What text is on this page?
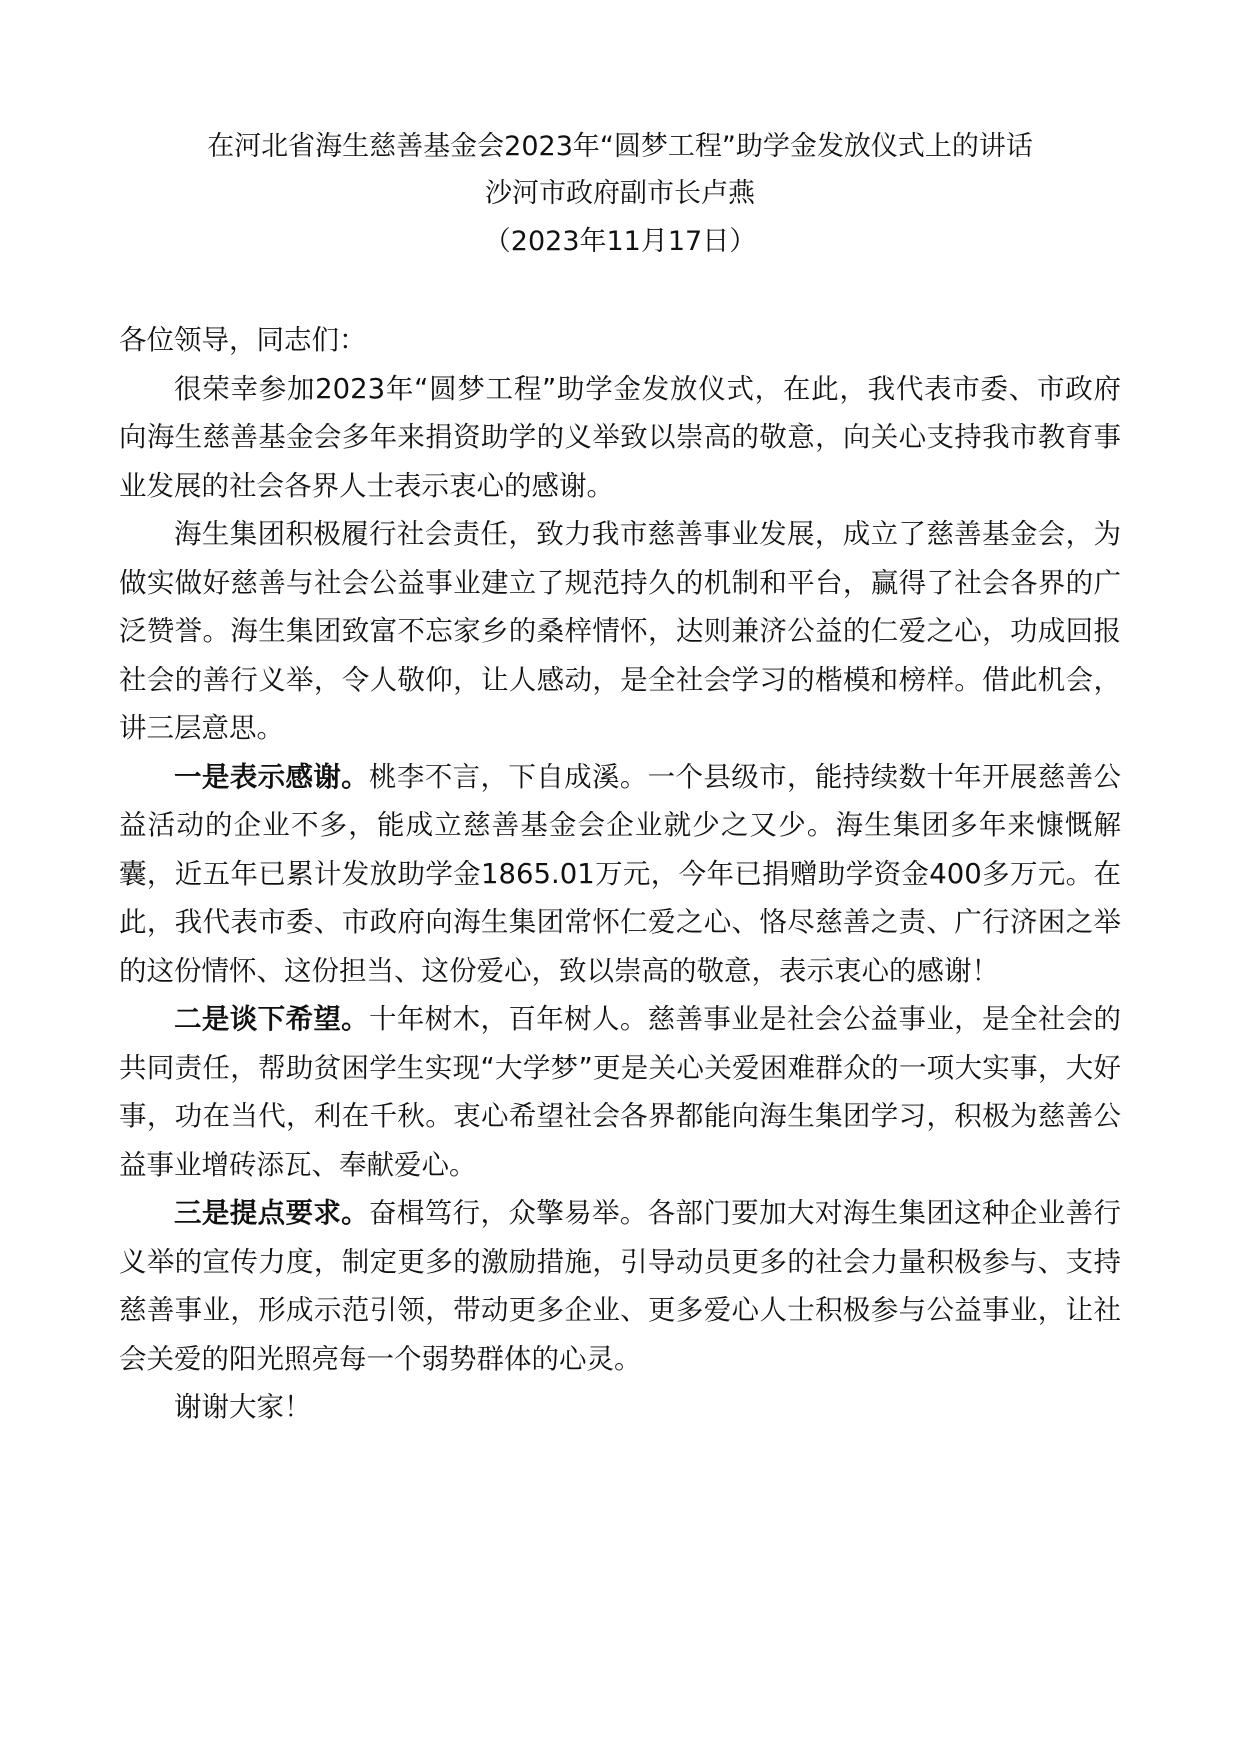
在河北省海生慈善基金会2023年“圆梦工程”助学金发放仪式上的讲话
沙河市政府副市长卢燕
（2023年11月17日）

各位领导，同志们：

很荣幸参加2023年“圆梦工程”助学金发放仪式，在此，我代表市委、市政府向海生慈善基金会多年来捐资助学的义举致以崇高的敬意，向关心支持我市教育事业发展的社会各界人士表示衷心的感谢。

海生集团积极履行社会责任，致力我市慈善事业发展，成立了慈善基金会，为做实做好慈善与社会公益事业建立了规范持久的机制和平台，赢得了社会各界的广泛赞誉。海生集团致富不忘家乡的桑梓情怀，达则兼济公益的仁爱之心，功成回报社会的善行义举，令人敬仰，让人感动，是全社会学习的楷模和榜样。借此机会，讲三层意思。

一是表示感谢。桃李不言，下自成溪。一个县级市，能持续数十年开展慈善公益活动的企业不多，能成立慈善基金会企业就少之又少。海生集团多年来慷慨解囊，近五年已累计发放助学金1865.01万元，今年已捐赠助学资金400多万元。在此，我代表市委、市政府向海生集团常怀仁爱之心、恪尽慈善之责、广行济困之举的这份情怀、这份担当、这份爱心，致以崇高的敬意，表示衷心的感谢！

二是谈下希望。十年树木，百年树人。慈善事业是社会公益事业，是全社会的共同责任，帮助贫困学生实现“大学梦”更是关心关爱困难群众的一项大实事，大好事，功在当代，利在千秋。衷心希望社会各界都能向海生集团学习，积极为慈善公益事业增砖添瓦、奉献爱心。

三是提点要求。奋楫笃行，众擎易举。各部门要加大对海生集团这种企业善行义举的宣传力度，制定更多的激励措施，引导动员更多的社会力量积极参与、支持慈善事业，形成示范引领，带动更多企业、更多爱心人士积极参与公益事业，让社会关爱的阳光照亮每一个弱势群体的心灵。

谢谢大家！
